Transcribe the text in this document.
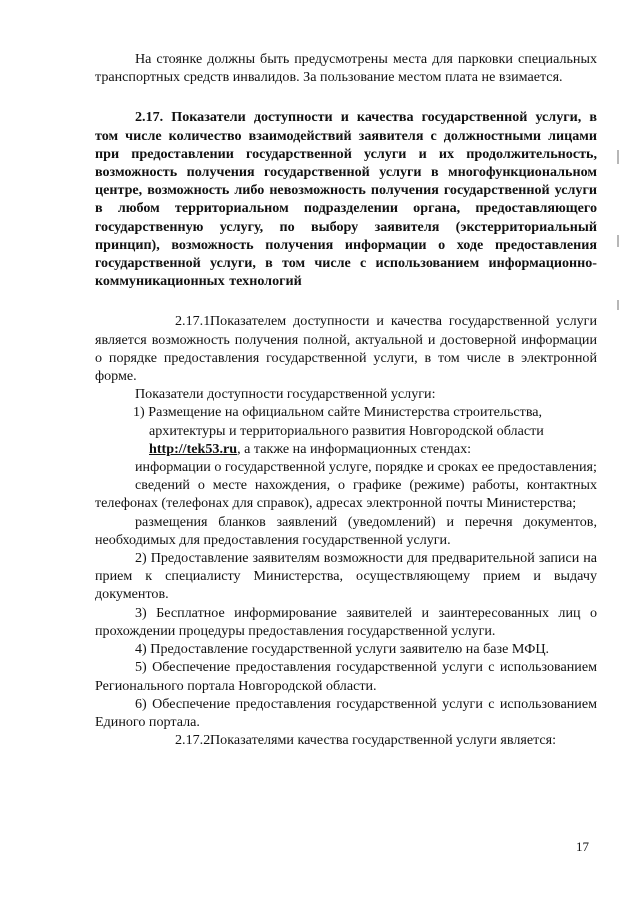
На стоянке должны быть предусмотрены места для парковки специальных транспортных средств инвалидов. За пользование местом плата не взимается.

2.17. Показатели доступности и качества государственной услуги, в том числе количество взаимодействий заявителя с должностными лицами при предоставлении государственной услуги и их продолжительность, возможность получения государственной услуги в многофункциональном центре, возможность либо невозможность получения государственной услуги в любом территориальном подразделении органа, предоставляющего государственную услугу, по выбору заявителя (экстерриториальный принцип), возможность получения информации о ходе предоставления государственной услуги, в том числе с использованием информационно-коммуникационных технологий

2.17.1.Показателем доступности и качества государственной услуги является возможность получения полной, актуальной и достоверной информации о порядке предоставления государственной услуги, в том числе в электронной форме.

Показатели доступности государственной услуги:

1) Размещение на официальном сайте Министерства строительства,
архитектуры и территориального развития Новгородской области
http://tek53.ru, а также на информационных стендах:

информации о государственной услуге, порядке и сроках ее предоставления;

сведений о месте нахождения, о графике (режиме) работы, контактных телефонах (телефонах для справок), адресах электронной почты Министерства;

размещения бланков заявлений (уведомлений) и перечня документов, необходимых для предоставления государственной услуги.

2) Предоставление заявителям возможности для предварительной записи на прием к специалисту Министерства, осуществляющему прием и выдачу документов.

3) Бесплатное информирование заявителей и заинтересованных лиц о прохождении процедуры предоставления государственной услуги.

4) Предоставление государственной услуги заявителю на базе МФЦ.

5) Обеспечение предоставления государственной услуги с использованием Регионального портала Новгородской области.

6) Обеспечение предоставления государственной услуги с использованием Единого портала.

2.17.2.Показателями качества государственной услуги является:

17
